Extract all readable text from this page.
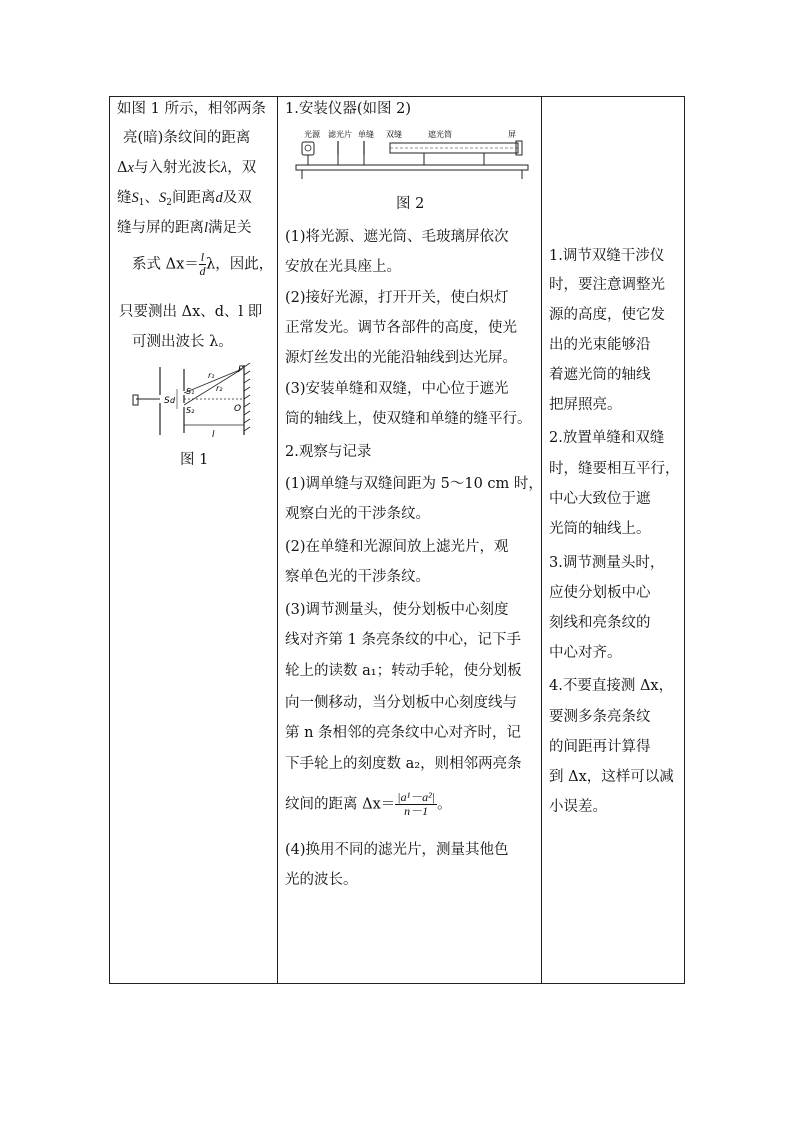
如图 1 所示，相邻两条
亮(暗)条纹间的距离
Δx与入射光波长λ，双
缝$S_1$、$S_2$间距离d及双
缝与屏的距离l满足关
系式 $\Delta x= \frac{l}{d}$ λ，因此，
只要测出 Δx、d、l 即
可测出波长 λ。
P
r₁
r₂
S
S₁
S₂
d
O
l
图 1
1.安装仪器(如图 2)
光源 滤光片 单缝 双缝	遮光筒	屏
图 2
(1)将光源、遮光筒、毛玻璃屏依次
安放在光具座上。
(2)接好光源，打开开关，使白炽灯
正常发光。调节各部件的高度，使光
源灯丝发出的光能沿轴线到达光屏。
(3)安装单缝和双缝，中心位于遮光
筒的轴线上，使双缝和单缝的缝平行。
2.观察与记录
(1)调单缝与双缝间距为 5～10 cm 时，
观察白光的干涉条纹。
(2)在单缝和光源间放上滤光片，观
察单色光的干涉条纹。
(3)调节测量头，使分划板中心刻度
线对齐第 1 条亮条纹的中心，记下手
轮上的读数 a₁；转动手轮，使分划板
向一侧移动，当分划板中心刻度线与
第 n 条相邻的亮条纹中心对齐时，记
下手轮上的刻度数 a₂，则相邻两亮条
纹间的距离 $\Delta x= \frac{\text{|a¹－a²|}}{n-1}$ 。
(4)换用不同的滤光片，测量其他色
光的波长。
1.调节双缝干涉仪
时，要注意调整光
源的高度，使它发
出的光束能够沿
着遮光筒的轴线
把屏照亮。
2.放置单缝和双缝
时，缝要相互平行，
中心大致位于遮
光筒的轴线上。
3.调节测量头时，
应使分划板中心
刻线和亮条纹的
中心对齐。
4.不要直接测 Δx，
要测多条亮条纹
的间距再计算得
到 Δx，这样可以减
小误差。
